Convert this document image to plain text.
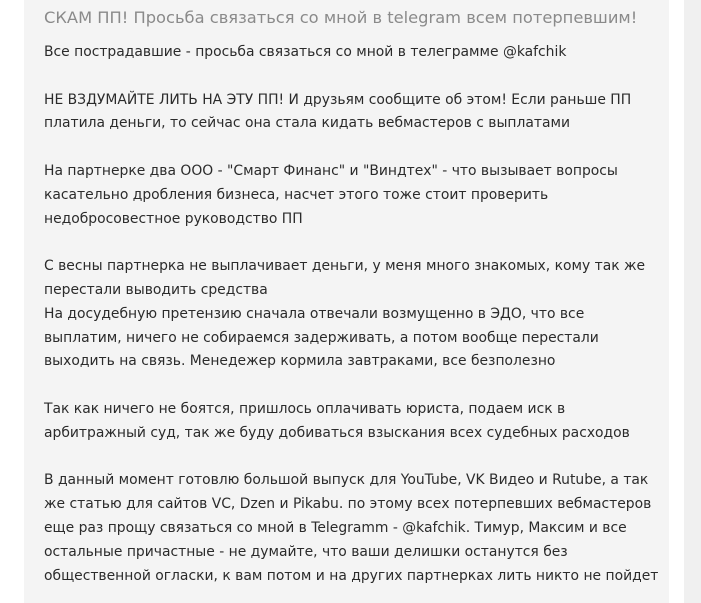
СКАМ ПП! Просьба связаться со мной в telegram всем потерпевшим!
Все пострадавшие - просьба связаться со мной в телеграмме @kafchik
НЕ ВЗДУМАЙТЕ ЛИТЬ НА ЭТУ ПП! И друзьям сообщите об этом! Если раньше ПП
платила деньги, то сейчас она стала кидать вебмастеров с выплатами
На партнерке два ООО - "Смарт Финанс" и "Виндтех" - что вызывает вопросы
касательно дробления бизнеса, насчет этого тоже стоит проверить
недобросовестное руководство ПП
С весны партнерка не выплачивает деньги, у меня много знакомых, кому так же
перестали выводить средства
На досудебную претензию сначала отвечали возмущенно в ЭДО, что все
выплатим, ничего не собираемся задерживать, а потом вообще перестали
выходить на связь. Менедежер кормила завтраками, все безполезно
Так как ничего не боятся, пришлось оплачивать юриста, подаем иск в
арбитражный суд, так же буду добиваться взыскания всех судебных расходов
В данный момент готовлю большой выпуск для YouTube, VK Видео и Rutube, а так
же статью для сайтов VC, Dzen и Pikabu. по этому всех потерпевших вебмастеров
еще раз прощу связаться со мной в Telegramm - @kafchik. Тимур, Максим и все
остальные причастные - не думайте, что ваши делишки останутся без
общественной огласки, к вам потом и на других партнерках лить никто не пойдет
